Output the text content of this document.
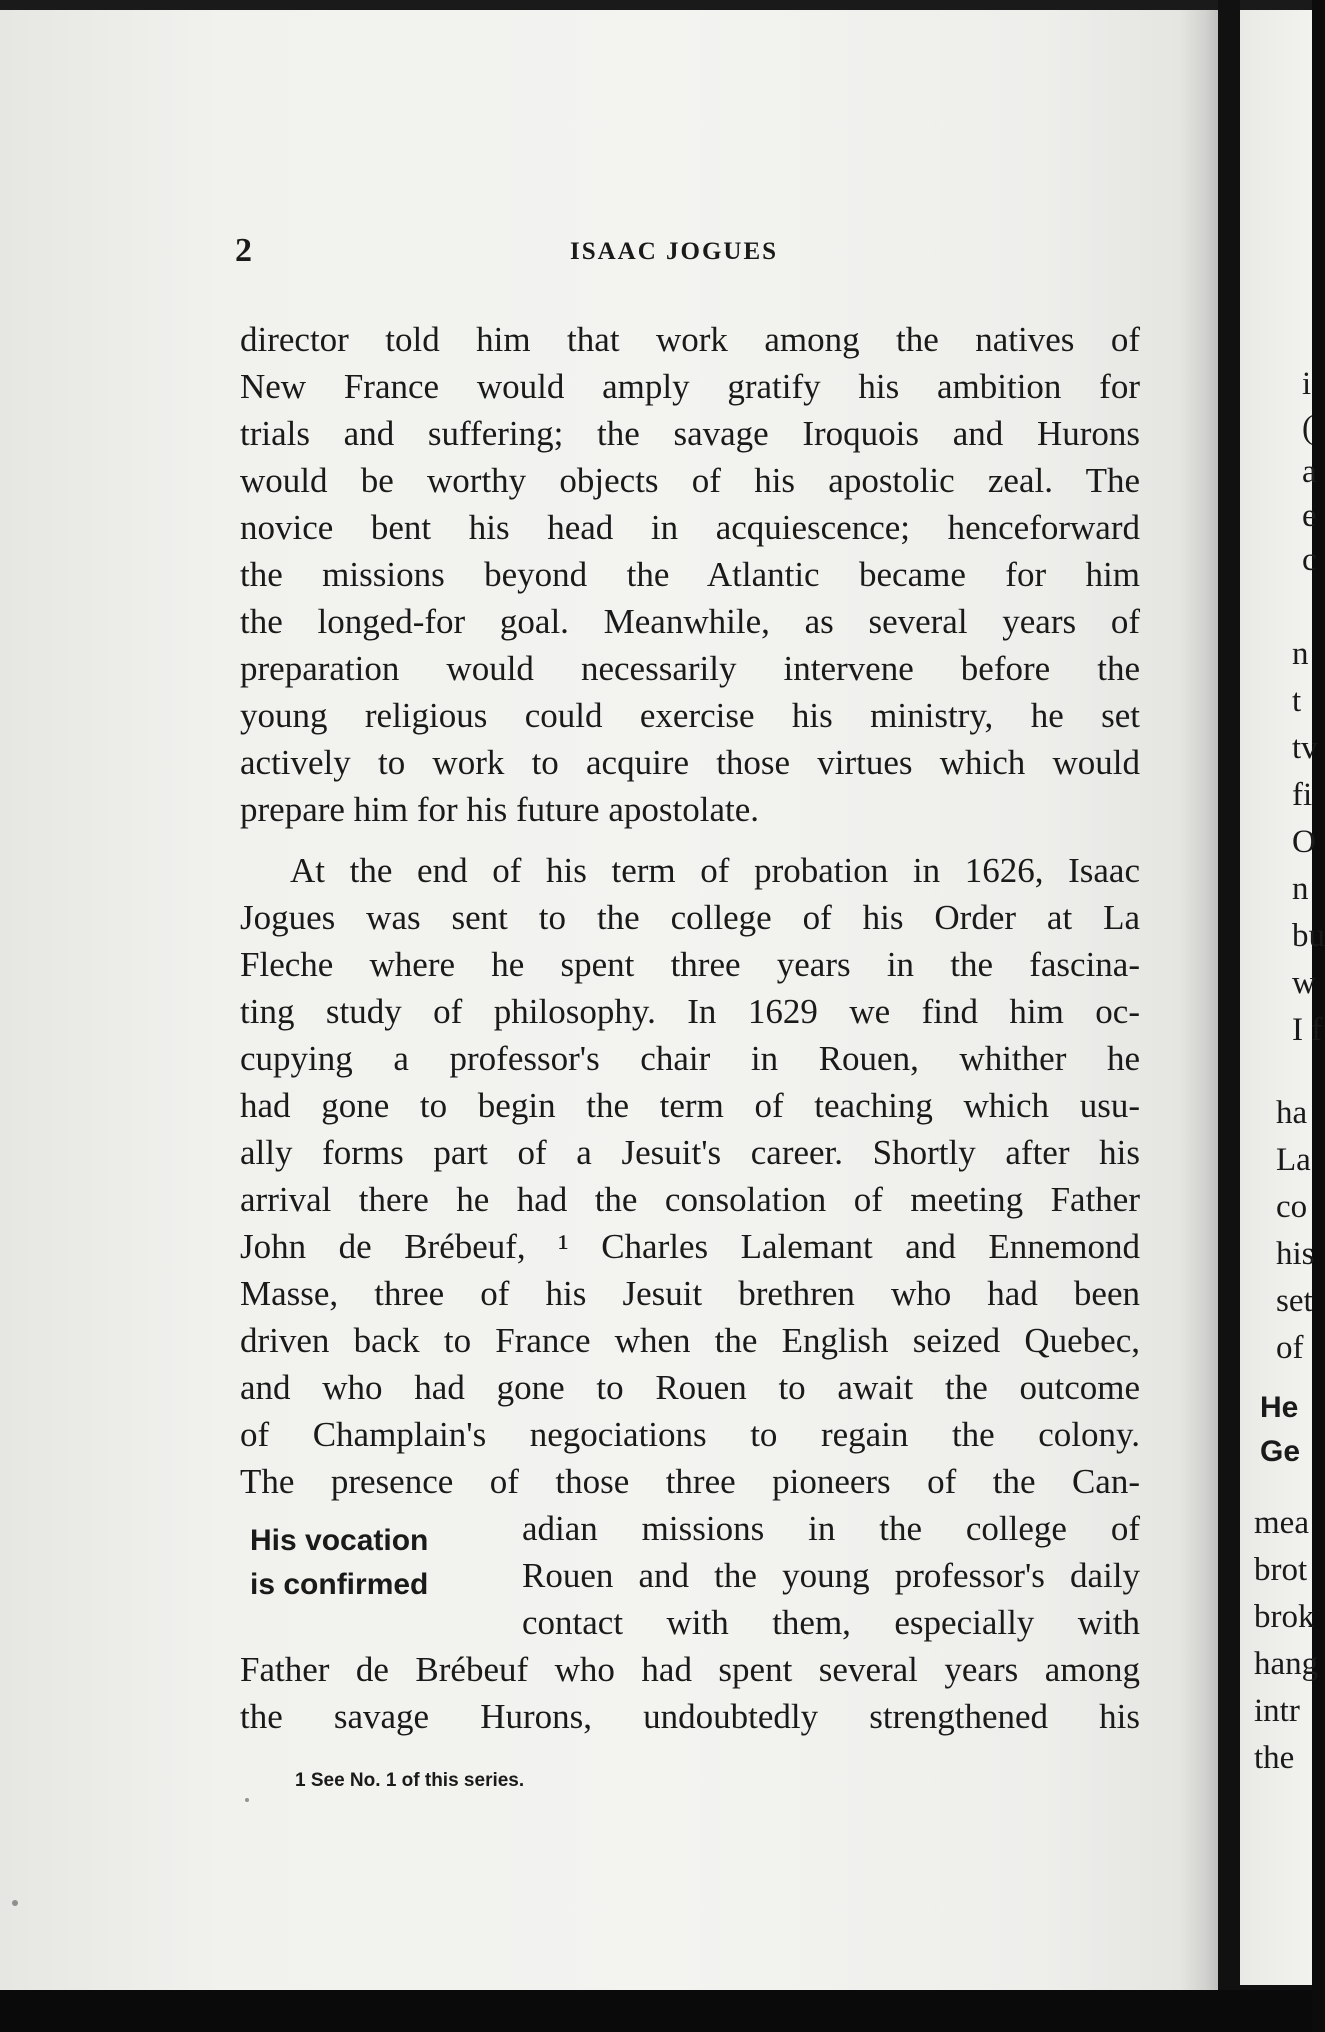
2	ISAAC JOGUES
director told him that work among the natives of
New France would amply gratify his ambition for
trials and suffering; the savage Iroquois and Hurons
would be worthy objects of his apostolic zeal. The
novice bent his head in acquiescence; henceforward
the missions beyond the Atlantic became for him
the longed-for goal. Meanwhile, as several years of
preparation would necessarily intervene before the
young religious could exercise his ministry, he set
actively to work to acquire those virtues which would
prepare him for his future apostolate.
At the end of his term of probation in 1626, Isaac
Jogues was sent to the college of his Order at La
Fleche where he spent three years in the fascina-
ting study of philosophy. In 1629 we find him oc-
cupying a professor's chair in Rouen, whither he
had gone to begin the term of teaching which usu-
ally forms part of a Jesuit's career. Shortly after his
arrival there he had the consolation of meeting Father
John de Brébeuf, ¹ Charles Lalemant and Ennemond
Masse, three of his Jesuit brethren who had been
driven back to France when the English seized Quebec,
and who had gone to Rouen to await the outcome
of Champlain's negociations to regain the colony.
The presence of those three pioneers of the Can-
adian missions in the college of
Rouen and the young professor's daily
contact with them, especially with
His vocation
is confirmed
Father de Brébeuf who had spent several years among
the savage Hurons, undoubtedly strengthened his
1 See No. 1 of this series.
i
(
a
e
c
n
t
tv
fi
O
n
bu
w
I f
ha
La
co
his
set
of
He
Ge
mea
brot
brok
hang
intr
the
